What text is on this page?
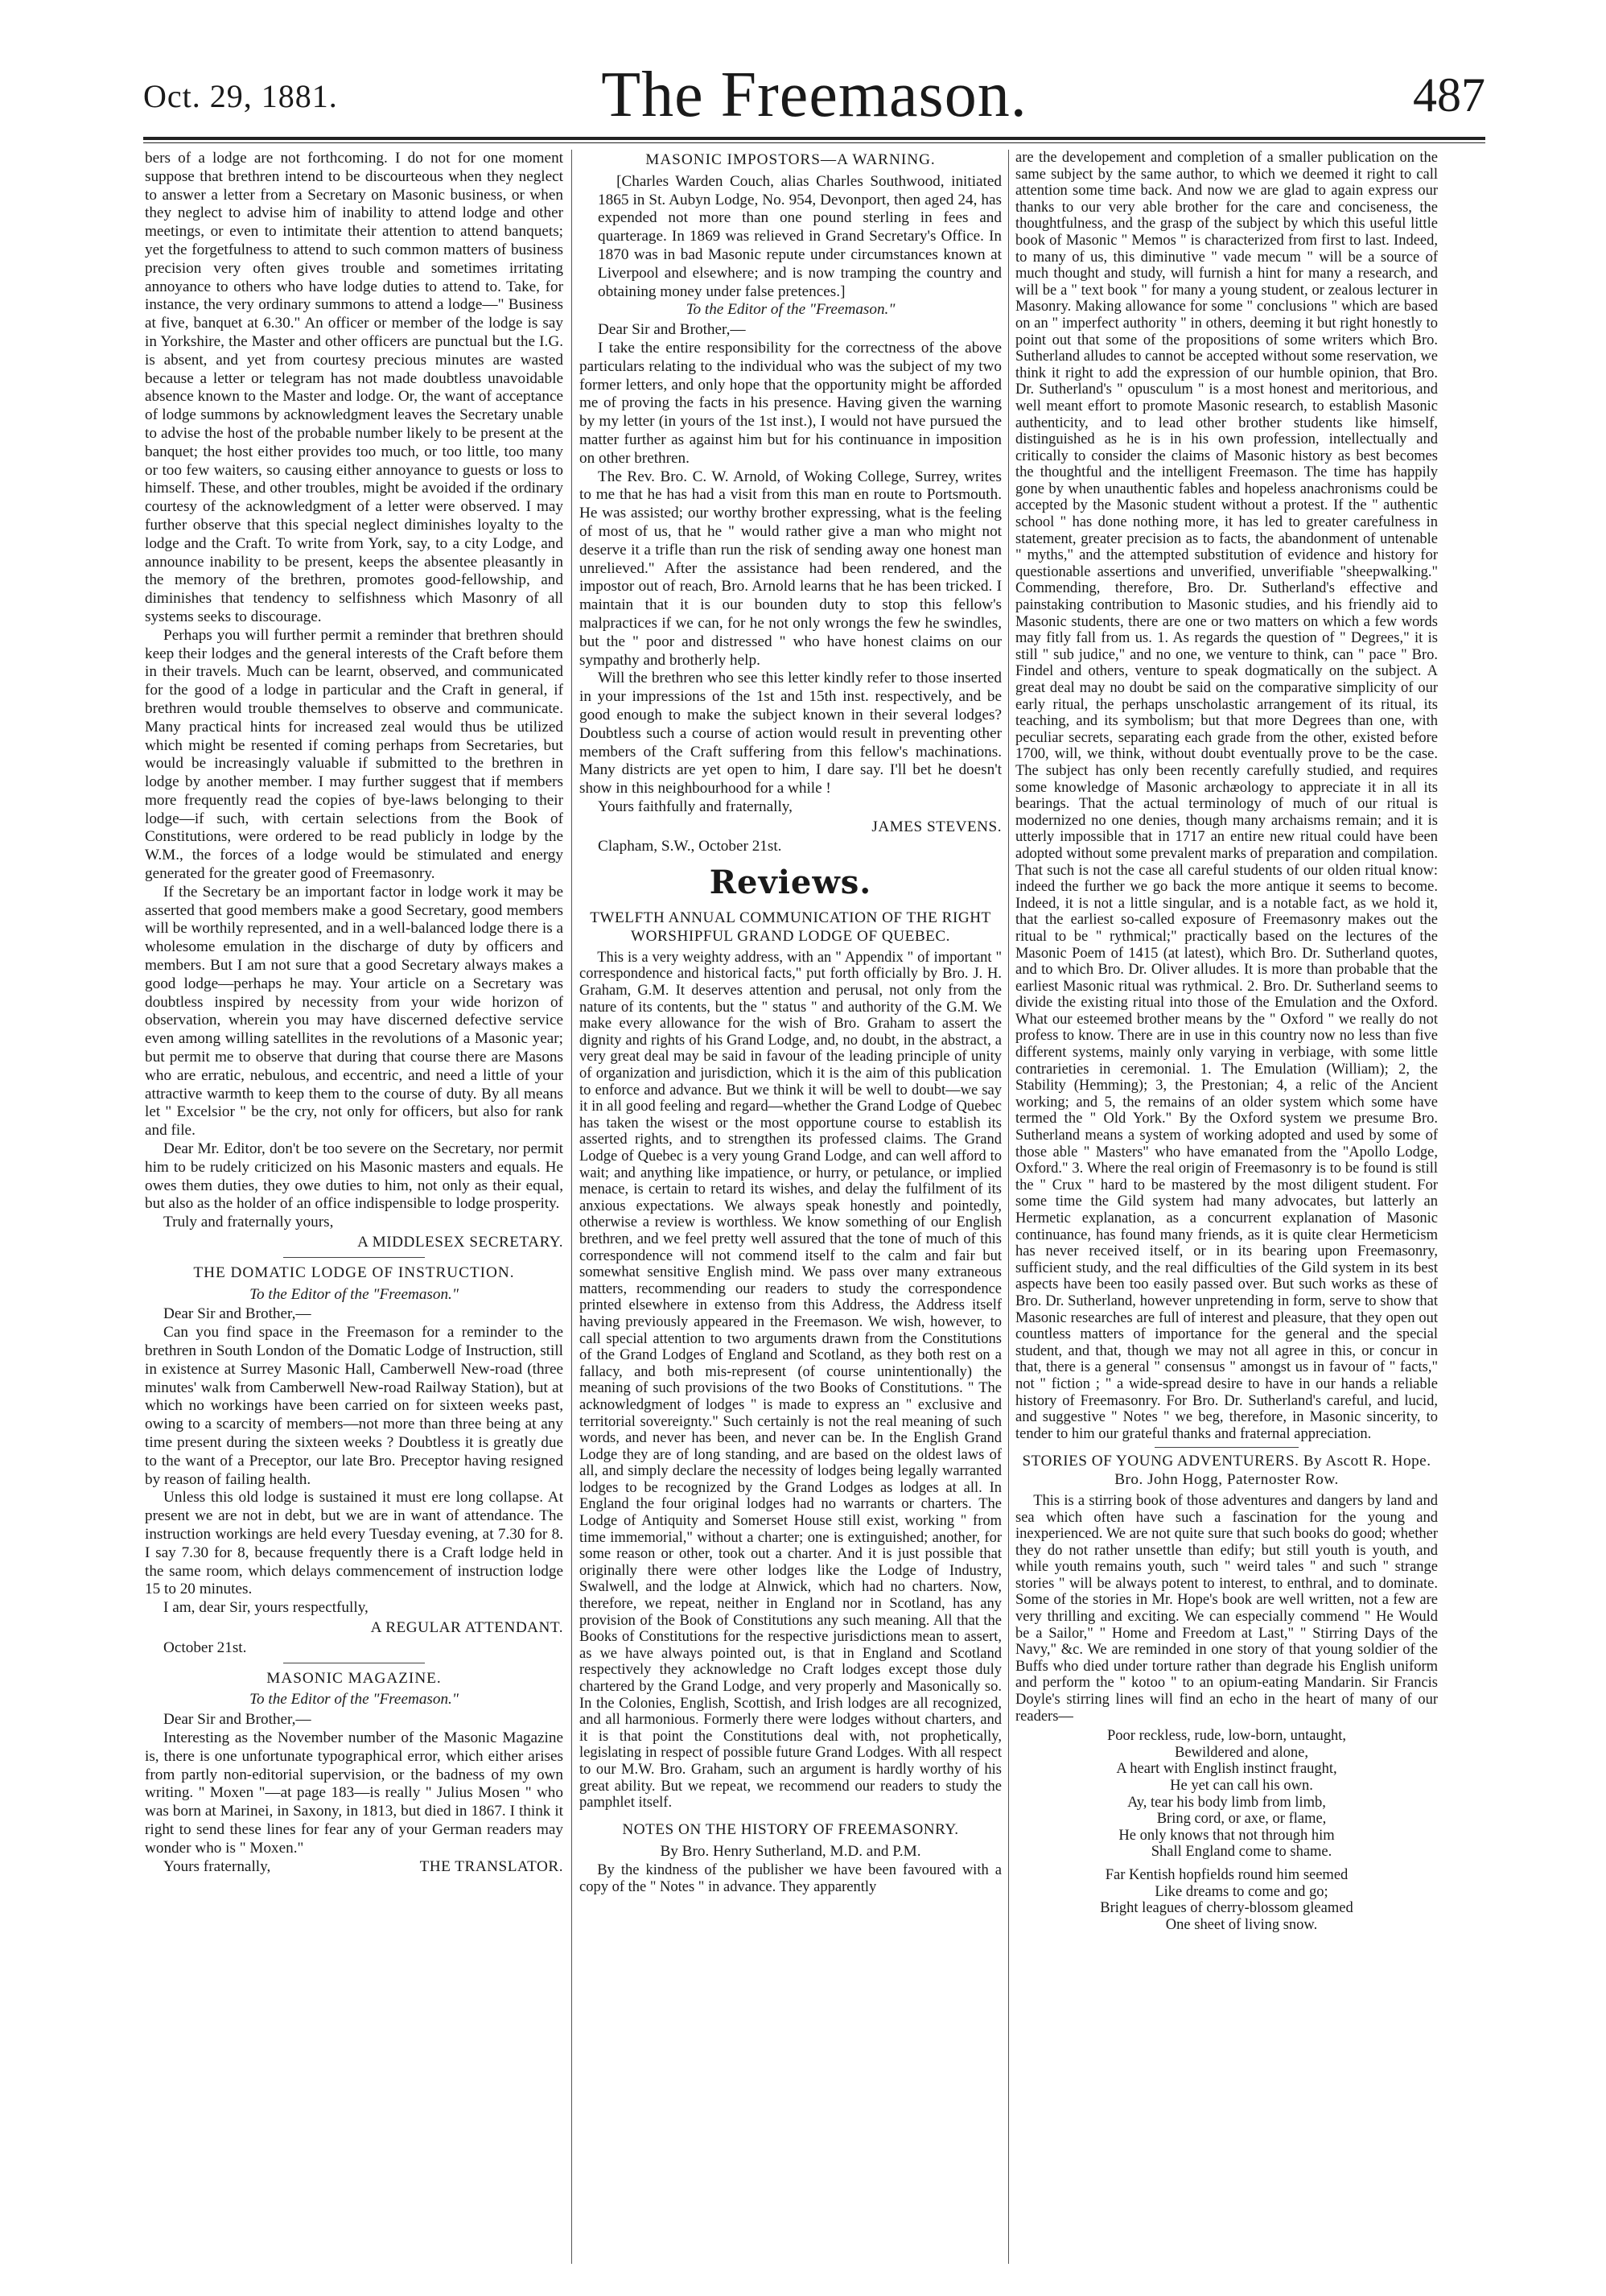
Oct. 29, 1881.	The Freemason.	487

bers of a lodge are not forthcoming. I do not for one moment suppose that brethren intend to be discourteous when they neglect to answer a letter from a Secretary on Masonic business, or when they neglect to advise him of inability to attend lodge and other meetings, or even to intimitate their attention to attend banquets; yet the forgetfulness to attend to such common matters of business precision very often gives trouble and sometimes irritating annoyance to others who have lodge duties to attend to. Take, for instance, the very ordinary summons to attend a lodge—" Business at five, banquet at 6.30." An officer or member of the lodge is say in Yorkshire, the Master and other officers are punctual but the I.G. is absent, and yet from courtesy precious minutes are wasted because a letter or telegram has not made doubtless unavoidable absence known to the Master and lodge. Or, the want of acceptance of lodge summons by acknowledgment leaves the Secretary unable to advise the host of the probable number likely to be present at the banquet; the host either provides too much, or too little, too many or too few waiters, so causing either annoyance to guests or loss to himself. These, and other troubles, might be avoided if the ordinary courtesy of the acknowledgment of a letter were observed. I may further observe that this special neglect diminishes loyalty to the lodge and the Craft. To write from York, say, to a city Lodge, and announce inability to be present, keeps the absentee pleasantly in the memory of the brethren, promotes good-fellowship, and diminishes that tendency to selfishness which Masonry of all systems seeks to discourage.

Perhaps you will further permit a reminder that brethren should keep their lodges and the general interests of the Craft before them in their travels. Much can be learnt, observed, and communicated for the good of a lodge in particular and the Craft in general, if brethren would trouble themselves to observe and communicate. Many practical hints for increased zeal would thus be utilized which might be resented if coming perhaps from Secretaries, but would be increasingly valuable if submitted to the brethren in lodge by another member. I may further suggest that if members more frequently read the copies of bye-laws belonging to their lodge—if such, with certain selections from the Book of Constitutions, were ordered to be read publicly in lodge by the W.M., the forces of a lodge would be stimulated and energy generated for the greater good of Freemasonry.

If the Secretary be an important factor in lodge work it may be asserted that good members make a good Secretary, good members will be worthily represented, and in a well-balanced lodge there is a wholesome emulation in the discharge of duty by officers and members. But I am not sure that a good Secretary always makes a good lodge—perhaps he may. Your article on a Secretary was doubtless inspired by necessity from your wide horizon of observation, wherein you may have discerned defective service even among willing satellites in the revolutions of a Masonic year; but permit me to observe that during that course there are Masons who are erratic, nebulous, and eccentric, and need a little of your attractive warmth to keep them to the course of duty. By all means let " Excelsior " be the cry, not only for officers, but also for rank and file.

Dear Mr. Editor, don't be too severe on the Secretary, nor permit him to be rudely criticized on his Masonic masters and equals. He owes them duties, they owe duties to him, not only as their equal, but also as the holder of an office indispensible to lodge prosperity.

Truly and fraternally yours,
A MIDDLESEX SECRETARY.
THE DOMATIC LODGE OF INSTRUCTION.
To the Editor of the "Freemason."
Dear Sir and Brother,—

Can you find space in the Freemason for a reminder to the brethren in South London of the Domatic Lodge of Instruction, still in existence at Surrey Masonic Hall, Camberwell New-road (three minutes' walk from Camberwell New-road Railway Station), but at which no workings have been carried on for sixteen weeks past, owing to a scarcity of members—not more than three being at any time present during the sixteen weeks ? Doubtless it is greatly due to the want of a Preceptor, our late Bro. Preceptor having resigned by reason of failing health.

Unless this old lodge is sustained it must ere long collapse. At present we are not in debt, but we are in want of attendance. The instruction workings are held every Tuesday evening, at 7.30 for 8. I say 7.30 for 8, because frequently there is a Craft lodge held in the same room, which delays commencement of instruction lodge 15 to 20 minutes.

I am, dear Sir, yours respectfully,
A REGULAR ATTENDANT.
October 21st.
MASONIC MAGAZINE.
To the Editor of the "Freemason."
Dear Sir and Brother,—

Interesting as the November number of the Masonic Magazine is, there is one unfortunate typographical error, which either arises from partly non-editorial supervision, or the badness of my own writing. " Moxen "—at page 183—is really " Julius Mosen " who was born at Marinei, in Saxony, in 1813, but died in 1867. I think it right to send these lines for fear any of your German readers may wonder who is " Moxen."

Yours fraternally,	THE TRANSLATOR.
MASONIC IMPOSTORS—A WARNING.

[Charles Warden Couch, alias Charles Southwood, initiated 1865 in St. Aubyn Lodge, No. 954, Devonport, then aged 24, has expended not more than one pound sterling in fees and quarterage. In 1869 was relieved in Grand Secretary's Office. In 1870 was in bad Masonic repute under circumstances known at Liverpool and elsewhere; and is now tramping the country and obtaining money under false pretences.]

To the Editor of the "Freemason."
Dear Sir and Brother,—

I take the entire responsibility for the correctness of the above particulars relating to the individual who was the subject of my two former letters, and only hope that the opportunity might be afforded me of proving the facts in his presence. Having given the warning by my letter (in yours of the 1st inst.), I would not have pursued the matter further as against him but for his continuance in imposition on other brethren.

The Rev. Bro. C. W. Arnold, of Woking College, Surrey, writes to me that he has had a visit from this man en route to Portsmouth. He was assisted; our worthy brother expressing, what is the feeling of most of us, that he " would rather give a man who might not deserve it a trifle than run the risk of sending away one honest man unrelieved." After the assistance had been rendered, and the impostor out of reach, Bro. Arnold learns that he has been tricked. I maintain that it is our bounden duty to stop this fellow's malpractices if we can, for he not only wrongs the few he swindles, but the " poor and distressed " who have honest claims on our sympathy and brotherly help.

Will the brethren who see this letter kindly refer to those inserted in your impressions of the 1st and 15th inst. respectively, and be good enough to make the subject known in their several lodges? Doubtless such a course of action would result in preventing other members of the Craft suffering from this fellow's machinations. Many districts are yet open to him, I dare say. I'll bet he doesn't show in this neighbourhood for a while !

Yours faithfully and fraternally,
JAMES STEVENS.
Clapham, S.W., October 21st.
Reviews.
TWELFTH ANNUAL COMMUNICATION OF THE RIGHT WORSHIPFUL GRAND LODGE OF QUEBEC.

This is a very weighty address, with an " Appendix " of important " correspondence and historical facts," put forth officially by Bro. J. H. Graham, G.M. It deserves attention and perusal, not only from the nature of its contents, but the " status " and authority of the G.M. We make every allowance for the wish of Bro. Graham to assert the dignity and rights of his Grand Lodge, and, no doubt, in the abstract, a very great deal may be said in favour of the leading principle of unity of organization and jurisdiction, which it is the aim of this publication to enforce and advance. But we think it will be well to doubt—we say it in all good feeling and regard—whether the Grand Lodge of Quebec has taken the wisest or the most opportune course to establish its asserted rights, and to strengthen its professed claims. The Grand Lodge of Quebec is a very young Grand Lodge, and can well afford to wait; and anything like impatience, or hurry, or petulance, or implied menace, is certain to retard its wishes, and delay the fulfilment of its anxious expectations. We always speak honestly and pointedly, otherwise a review is worthless. We know something of our English brethren, and we feel pretty well assured that the tone of much of this correspondence will not commend itself to the calm and fair but somewhat sensitive English mind. We pass over many extraneous matters, recommending our readers to study the correspondence printed elsewhere in extenso from this Address, the Address itself having previously appeared in the Freemason. We wish, however, to call special attention to two arguments drawn from the Constitutions of the Grand Lodges of England and Scotland, as they both rest on a fallacy, and both mis-represent (of course unintentionally) the meaning of such provisions of the two Books of Constitutions. " The acknowledgment of lodges " is made to express an " exclusive and territorial sovereignty." Such certainly is not the real meaning of such words, and never has been, and never can be. In the English Grand Lodge they are of long standing, and are based on the oldest laws of all, and simply declare the necessity of lodges being legally warranted lodges to be recognized by the Grand Lodges as lodges at all. In England the four original lodges had no warrants or charters. The Lodge of Antiquity and Somerset House still exist, working " from time immemorial," without a charter; one is extinguished; another, for some reason or other, took out a charter. And it is just possible that originally there were other lodges like the Lodge of Industry, Swalwell, and the lodge at Alnwick, which had no charters. Now, therefore, we repeat, neither in England nor in Scotland, has any provision of the Book of Constitutions any such meaning. All that the Books of Constitutions for the respective jurisdictions mean to assert, as we have always pointed out, is that in England and Scotland respectively they acknowledge no Craft lodges except those duly chartered by the Grand Lodge, and very properly and Masonically so. In the Colonies, English, Scottish, and Irish lodges are all recognized, and all harmonious. Formerly there were lodges without charters, and it is that point the Constitutions deal with, not prophetically, legislating in respect of possible future Grand Lodges. With all respect to our M.W. Bro. Graham, such an argument is hardly worthy of his great ability. But we repeat, we recommend our readers to study the pamphlet itself.

NOTES ON THE HISTORY OF FREEMASONRY.
By Bro. Henry Sutherland, M.D. and P.M.

By the kindness of the publisher we have been favoured with a copy of the " Notes " in advance. They apparently

are the developement and completion of a smaller publication on the same subject by the same author, to which we deemed it right to call attention some time back. And now we are glad to again express our thanks to our very able brother for the care and conciseness, the thoughtfulness, and the grasp of the subject by which this useful little book of Masonic " Memos " is characterized from first to last. Indeed, to many of us, this diminutive " vade mecum " will be a source of much thought and study, will furnish a hint for many a research, and will be a " text book " for many a young student, or zealous lecturer in Masonry. Making allowance for some " conclusions " which are based on an " imperfect authority " in others, deeming it but right honestly to point out that some of the propositions of some writers which Bro. Sutherland alludes to cannot be accepted without some reservation, we think it right to add the expression of our humble opinion, that Bro. Dr. Sutherland's " opusculum " is a most honest and meritorious, and well meant effort to promote Masonic research, to establish Masonic authenticity, and to lead other brother students like himself, distinguished as he is in his own profession, intellectually and critically to consider the claims of Masonic history as best becomes the thoughtful and the intelligent Freemason. The time has happily gone by when unauthentic fables and hopeless anachronisms could be accepted by the Masonic student without a protest. If the " authentic school " has done nothing more, it has led to greater carefulness in statement, greater precision as to facts, the abandonment of untenable " myths," and the attempted substitution of evidence and history for questionable assertions and unverified, unverifiable "sheepwalking." Commending, therefore, Bro. Dr. Sutherland's effective and painstaking contribution to Masonic studies, and his friendly aid to Masonic students, there are one or two matters on which a few words may fitly fall from us. 1. As regards the question of " Degrees," it is still " sub judice," and no one, we venture to think, can " pace " Bro. Findel and others, venture to speak dogmatically on the subject. A great deal may no doubt be said on the comparative simplicity of our early ritual, the perhaps unscholastic arrangement of its ritual, its teaching, and its symbolism; but that more Degrees than one, with peculiar secrets, separating each grade from the other, existed before 1700, will, we think, without doubt eventually prove to be the case. The subject has only been recently carefully studied, and requires some knowledge of Masonic archæology to appreciate it in all its bearings. That the actual terminology of much of our ritual is modernized no one denies, though many archaisms remain; and it is utterly impossible that in 1717 an entire new ritual could have been adopted without some prevalent marks of preparation and compilation. That such is not the case all careful students of our olden ritual know: indeed the further we go back the more antique it seems to become. Indeed, it is not a little singular, and is a notable fact, as we hold it, that the earliest so-called exposure of Freemasonry makes out the ritual to be " rythmical;" practically based on the lectures of the Masonic Poem of 1415 (at latest), which Bro. Dr. Sutherland quotes, and to which Bro. Dr. Oliver alludes. It is more than probable that the earliest Masonic ritual was rythmical. 2. Bro. Dr. Sutherland seems to divide the existing ritual into those of the Emulation and the Oxford. What our esteemed brother means by the " Oxford " we really do not profess to know. There are in use in this country now no less than five different systems, mainly only varying in verbiage, with some little contrarieties in ceremonial. 1. The Emulation (William); 2, the Stability (Hemming); 3, the Prestonian; 4, a relic of the Ancient working; and 5, the remains of an older system which some have termed the " Old York." By the Oxford system we presume Bro. Sutherland means a system of working adopted and used by some of those able " Masters" who have emanated from the "Apollo Lodge, Oxford." 3. Where the real origin of Freemasonry is to be found is still the " Crux " hard to be mastered by the most diligent student. For some time the Gild system had many advocates, but latterly an Hermetic explanation, as a concurrent explanation of Masonic continuance, has found many friends, as it is quite clear Hermeticism has never received itself, or in its bearing upon Freemasonry, sufficient study, and the real difficulties of the Gild system in its best aspects have been too easily passed over. But such works as these of Bro. Dr. Sutherland, however unpretending in form, serve to show that Masonic researches are full of interest and pleasure, that they open out countless matters of importance for the general and the special student, and that, though we may not all agree in this, or concur in that, there is a general " consensus " amongst us in favour of " facts," not " fiction ; " a wide-spread desire to have in our hands a reliable history of Freemasonry. For Bro. Dr. Sutherland's careful, and lucid, and suggestive " Notes " we beg, therefore, in Masonic sincerity, to tender to him our grateful thanks and fraternal appreciation.

STORIES OF YOUNG ADVENTURERS. By Ascott R. Hope. Bro. John Hogg, Paternoster Row.

This is a stirring book of those adventures and dangers by land and sea which often have such a fascination for the young and inexperienced. We are not quite sure that such books do good; whether they do not rather unsettle than edify; but still youth is youth, and while youth remains youth, such " weird tales " and such " strange stories " will be always potent to interest, to enthral, and to dominate. Some of the stories in Mr. Hope's book are well written, not a few are very thrilling and exciting. We can especially commend " He Would be a Sailor," " Home and Freedom at Last," " Stirring Days of the Navy," &c. We are reminded in one story of that young soldier of the Buffs who died under torture rather than degrade his English uniform and perform the " kotoo " to an opium-eating Mandarin. Sir Francis Doyle's stirring lines will find an echo in the heart of many of our readers—

Poor reckless, rude, low-born, untaught,
Bewildered and alone,
A heart with English instinct fraught,
He yet can call his own.
Ay, tear his body limb from limb,
Bring cord, or axe, or flame,
He only knows that not through him
Shall England come to shame.
Far Kentish hopfields round him seemed
Like dreams to come and go;
Bright leagues of cherry-blossom gleamed
One sheet of living snow.
